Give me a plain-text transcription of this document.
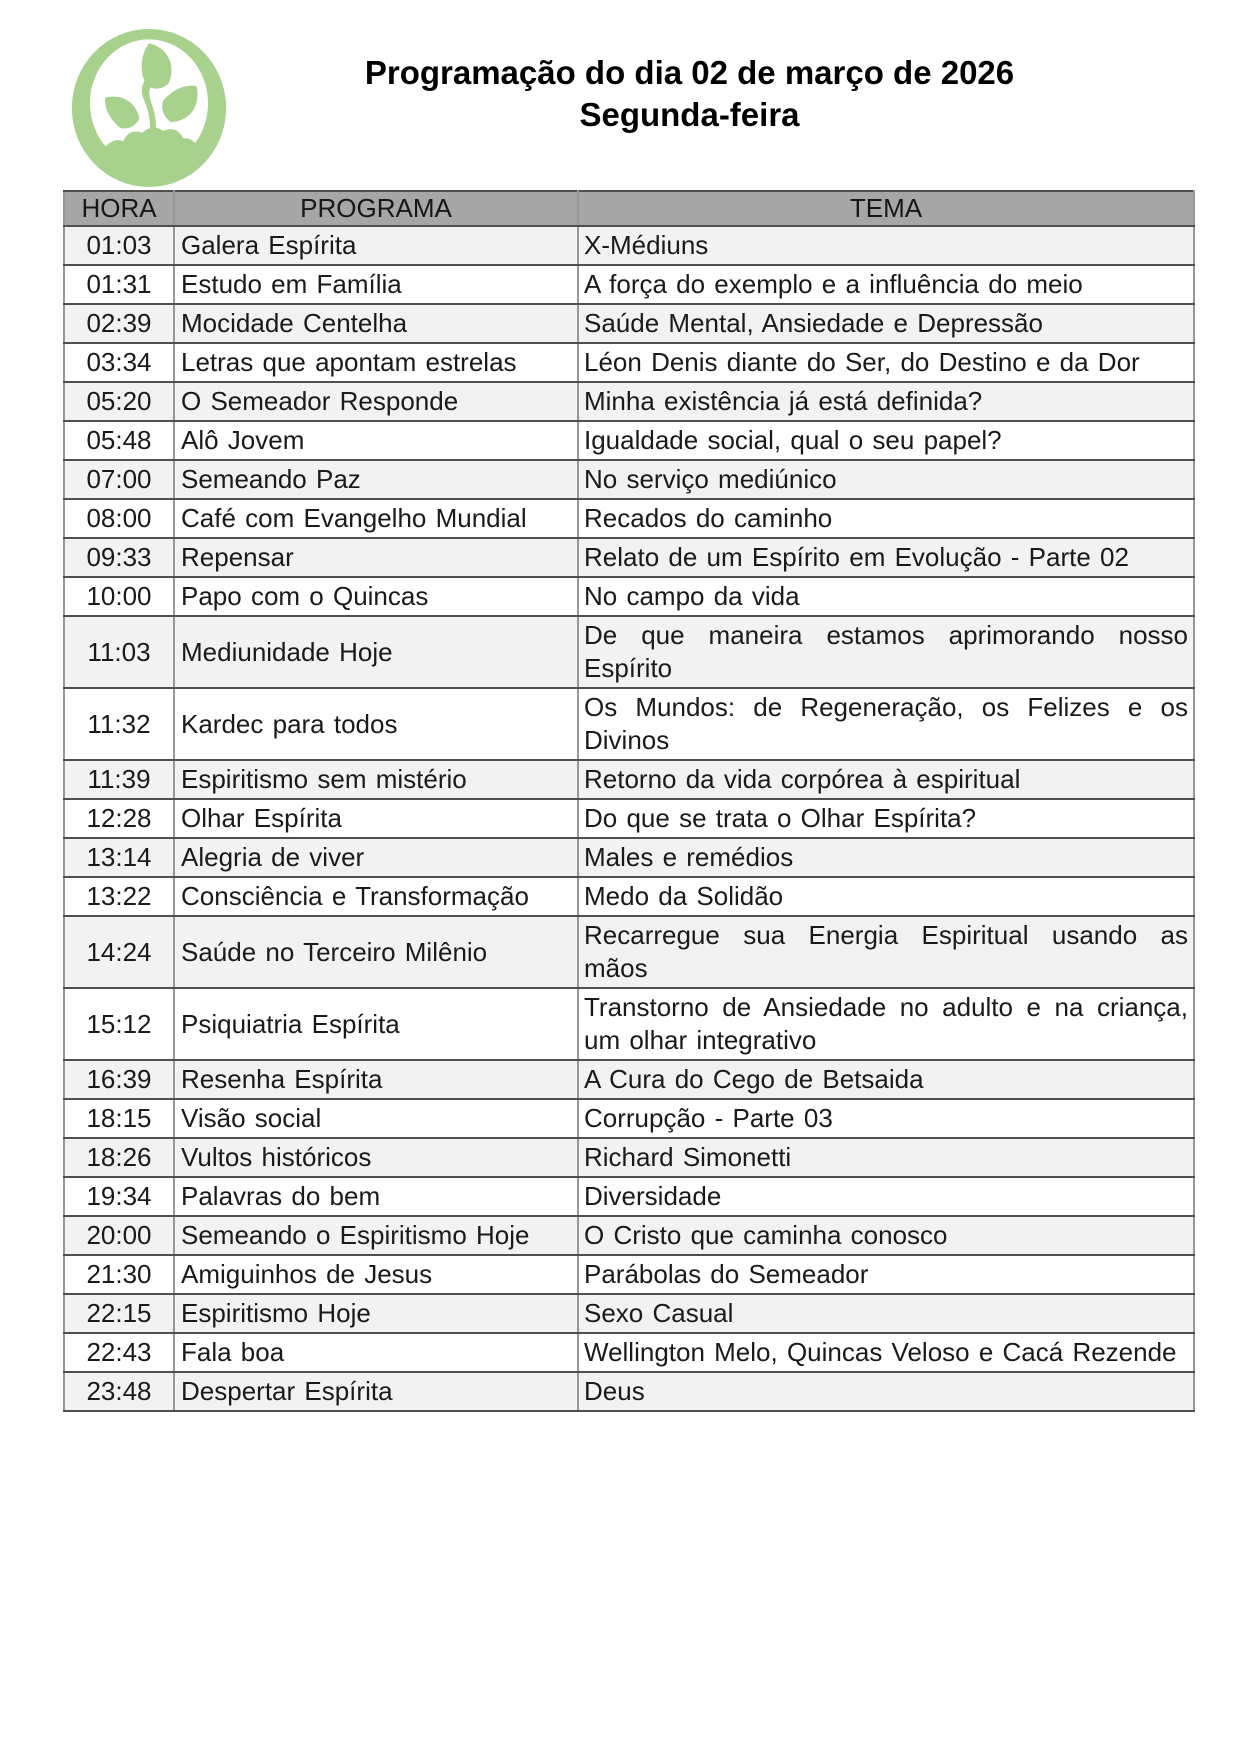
Programação do dia 02 de março de 2026
Segunda-feira
HORA	PROGRAMA	TEMA
01:03	Galera Espírita	X-Médiuns
01:31	Estudo em Família	A força do exemplo e a influência do meio
02:39	Mocidade Centelha	Saúde Mental, Ansiedade e Depressão
03:34	Letras que apontam estrelas	Léon Denis diante do Ser, do Destino e da Dor
05:20	O Semeador Responde	Minha existência já está definida?
05:48	Alô Jovem	Igualdade social, qual o seu papel?
07:00	Semeando Paz	No serviço mediúnico
08:00	Café com Evangelho Mundial	Recados do caminho
09:33	Repensar	Relato de um Espírito em Evolução - Parte 02
10:00	Papo com o Quincas	No campo da vida
11:03	Mediunidade Hoje	De que maneira estamos aprimorando nosso Espírito
11:32	Kardec para todos	Os Mundos: de Regeneração, os Felizes e os Divinos
11:39	Espiritismo sem mistério	Retorno da vida corpórea à espiritual
12:28	Olhar Espírita	Do que se trata o Olhar Espírita?
13:14	Alegria de viver	Males e remédios
13:22	Consciência e Transformação	Medo da Solidão
14:24	Saúde no Terceiro Milênio	Recarregue sua Energia Espiritual usando as mãos
15:12	Psiquiatria Espírita	Transtorno de Ansiedade no adulto e na criança, um olhar integrativo
16:39	Resenha Espírita	A Cura do Cego de Betsaida
18:15	Visão social	Corrupção - Parte 03
18:26	Vultos históricos	Richard Simonetti
19:34	Palavras do bem	Diversidade
20:00	Semeando o Espiritismo Hoje	O Cristo que caminha conosco
21:30	Amiguinhos de Jesus	Parábolas do Semeador
22:15	Espiritismo Hoje	Sexo Casual
22:43	Fala boa	Wellington Melo, Quincas Veloso e Cacá Rezende
23:48	Despertar Espírita	Deus
